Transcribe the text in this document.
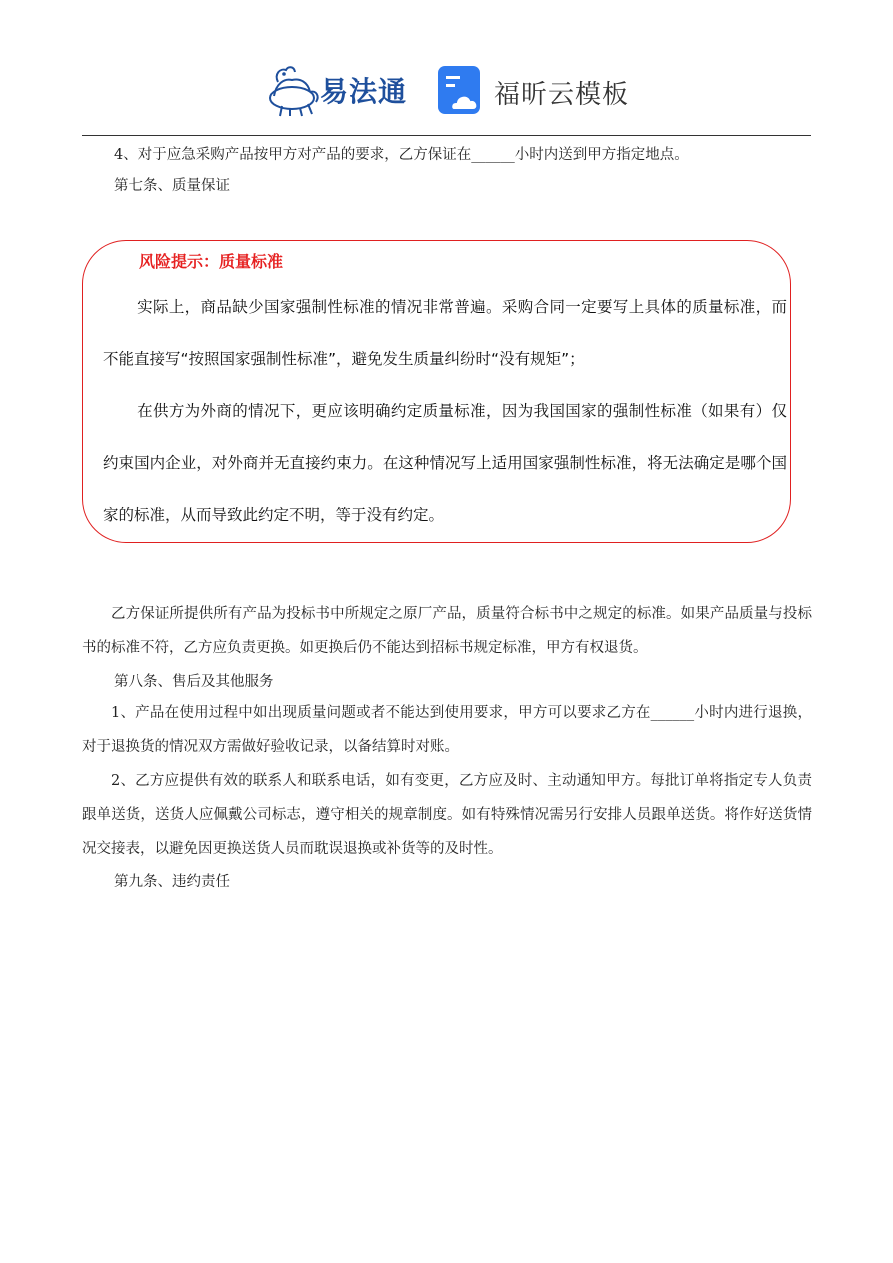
易法通	福昕云模板
4、对于应急采购产品按甲方对产品的要求，乙方保证在______小时内送到甲方指定地点。
第七条、质量保证
风险提示：质量标准

实际上，商品缺少国家强制性标准的情况非常普遍。采购合同一定要写上具体的质量标准，而不能直接写“按照国家强制性标准”，避免发生质量纠纷时“没有规矩”；

在供方为外商的情况下，更应该明确约定质量标准，因为我国国家的强制性标准（如果有）仅约束国内企业，对外商并无直接约束力。在这种情况写上适用国家强制性标准，将无法确定是哪个国家的标准，从而导致此约定不明，等于没有约定。

乙方保证所提供所有产品为投标书中所规定之原厂产品，质量符合标书中之规定的标准。如果产品质量与投标书的标准不符，乙方应负责更换。如更换后仍不能达到招标书规定标准，甲方有权退货。
第八条、售后及其他服务
1、产品在使用过程中如出现质量问题或者不能达到使用要求，甲方可以要求乙方在______小时内进行退换，对于退换货的情况双方需做好验收记录，以备结算时对账。
2、乙方应提供有效的联系人和联系电话，如有变更，乙方应及时、主动通知甲方。每批订单将指定专人负责跟单送货，送货人应佩戴公司标志，遵守相关的规章制度。如有特殊情况需另行安排人员跟单送货。将作好送货情况交接表，以避免因更换送货人员而耽误退换或补货等的及时性。
第九条、违约责任
